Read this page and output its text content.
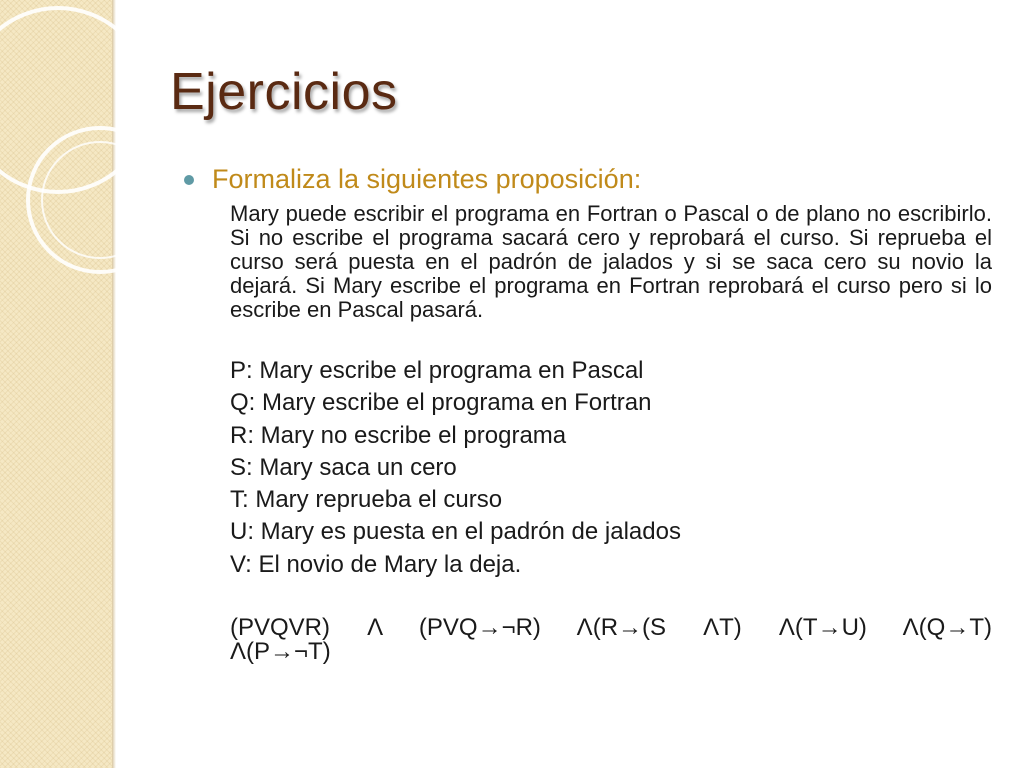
Ejercicios
Formaliza la siguientes proposición:

Mary puede escribir el programa en Fortran o Pascal o de plano no escribirlo. Si no escribe el programa sacará cero y reprobará el curso. Si reprueba el curso será puesta en el padrón de jalados y si se saca cero su novio la dejará. Si Mary escribe el programa en Fortran reprobará el curso pero si lo escribe en Pascal pasará.

P: Mary escribe el programa en Pascal
Q: Mary escribe el programa en Fortran
R: Mary no escribe el programa
S: Mary saca un cero
T: Mary reprueba el curso
U: Mary es puesta en el padrón de jalados
V: El novio de Mary la deja.
(PVQVR) Λ (PVQ→¬R) Λ(R→(S ΛT) Λ(T→U) Λ(Q→T) Λ(P→¬T)
